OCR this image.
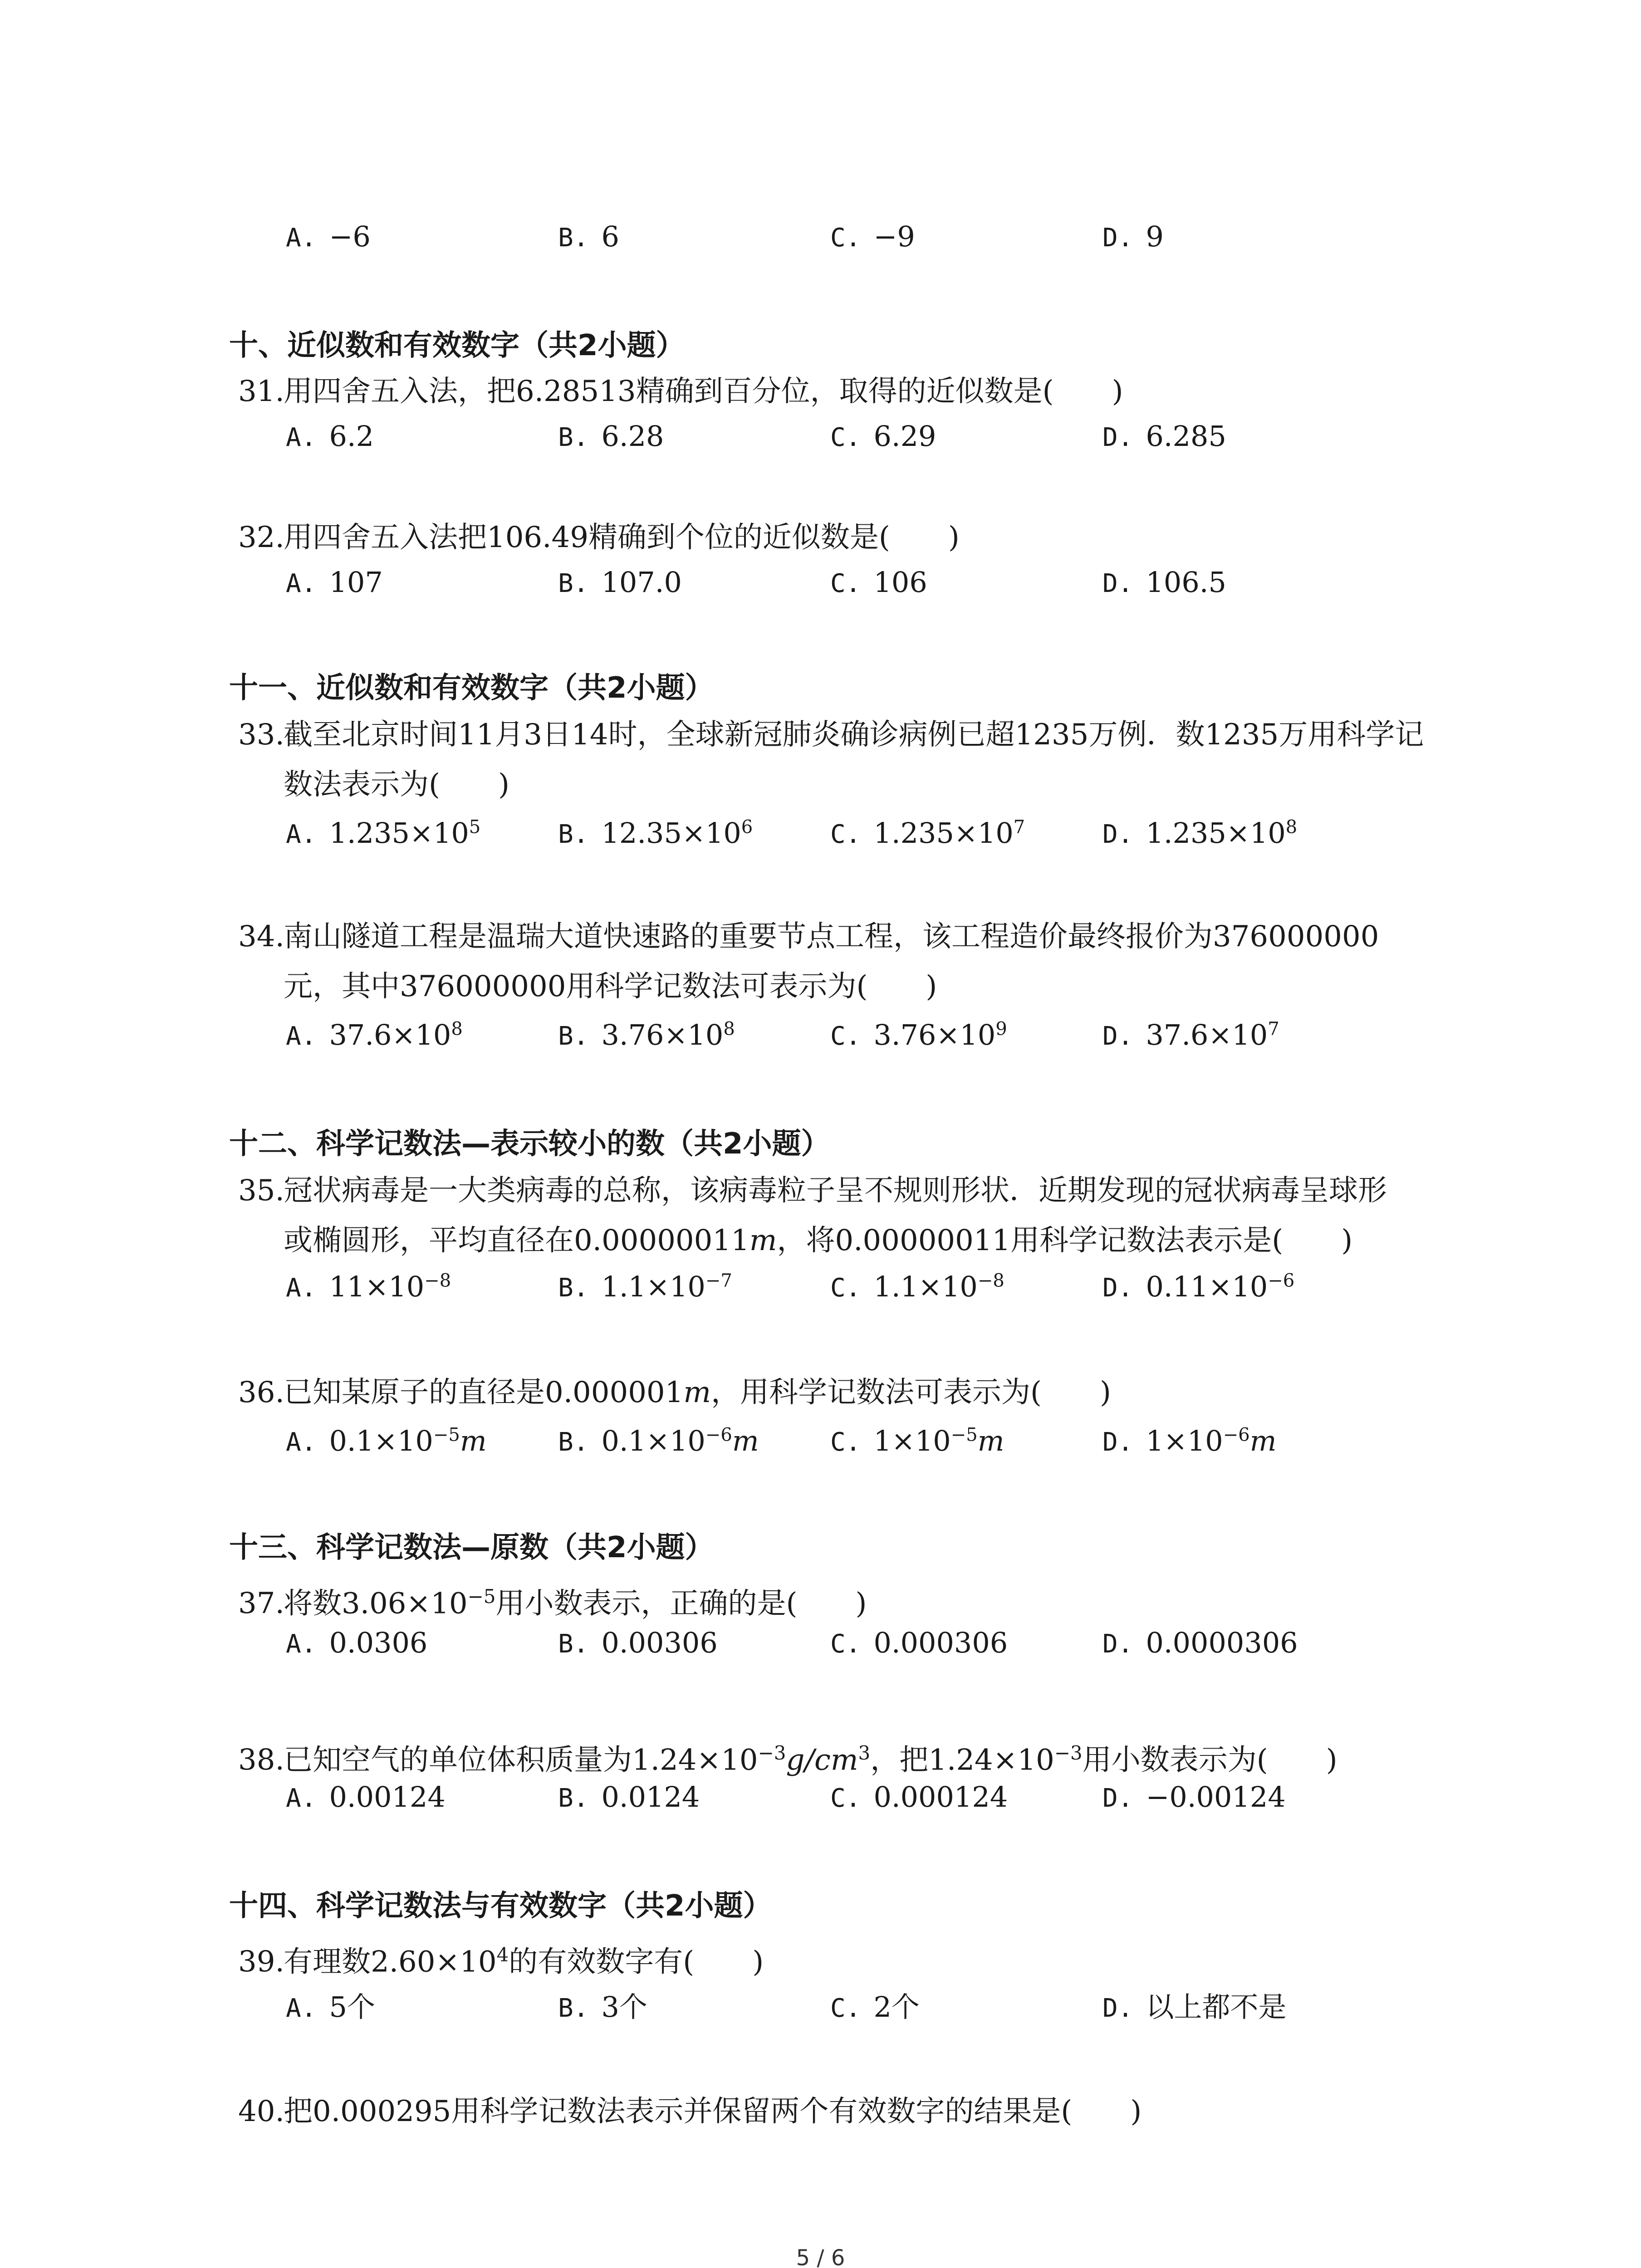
A. −6	B. 6	C. −9	D. 9
十、近似数和有效数字（共2小题）
31.用四舍五入法，把6.28513精确到百分位，取得的近似数是(　　)
A. 6.2	B. 6.28	C. 6.29	D. 6.285
32.用四舍五入法把106.49精确到个位的近似数是(　　)
A. 107	B. 107.0	C. 106	D. 106.5
十一、近似数和有效数字（共2小题）
33.截至北京时间11月3日14时，全球新冠肺炎确诊病例已超1235万例．数1235万用科学记
数法表示为(　　)
A. $1.235\times 10^5$	B. $12.35\times 10^6$	C. $1.235\times 10^7$	D. $1.235\times 10^8$
34.南山隧道工程是温瑞大道快速路的重要节点工程，该工程造价最终报价为376000000
元，其中376000000用科学记数法可表示为(　　)
A. $37.6\times 10^8$	B. $3.76\times 10^8$	C. $3.76\times 10^9$	D. $37.6\times 10^7$
十二、科学记数法—表示较小的数（共2小题）
35.冠状病毒是一大类病毒的总称，该病毒粒子呈不规则形状．近期发现的冠状病毒呈球形
或椭圆形，平均直径在0.00000011m，将0.00000011用科学记数法表示是(　　)
A. $11\times 10^{-8}$	B. $1.1\times 10^{-7}$	C. $1.1\times 10^{-8}$	D. $0.11\times 10^{-6}$
36.已知某原子的直径是0.000001m，用科学记数法可表示为(　　)
A. $0.1\times 10^{-5}m$	B. $0.1\times 10^{-6}m$	C. $1\times 10^{-5}m$	D. $1\times 10^{-6}m$
十三、科学记数法—原数（共2小题）
37.将数$3.06\times 10^{-5}$用小数表示，正确的是(　　)
A. 0.0306	B. 0.00306	C. 0.000306	D. 0.0000306
38.已知空气的单位体积质量为$1.24\times 10^{-3}g/cm^3$，把$1.24\times 10^{-3}$用小数表示为(　　)
A. 0.00124	B. 0.0124	C. 0.000124	D. −0.00124
十四、科学记数法与有效数字（共2小题）
39.有理数$2.60\times 10^4$的有效数字有(　　)
A. 5个	B. 3个	C. 2个	D. 以上都不是
40.把0.000295用科学记数法表示并保留两个有效数字的结果是(　　)
5 / 6
